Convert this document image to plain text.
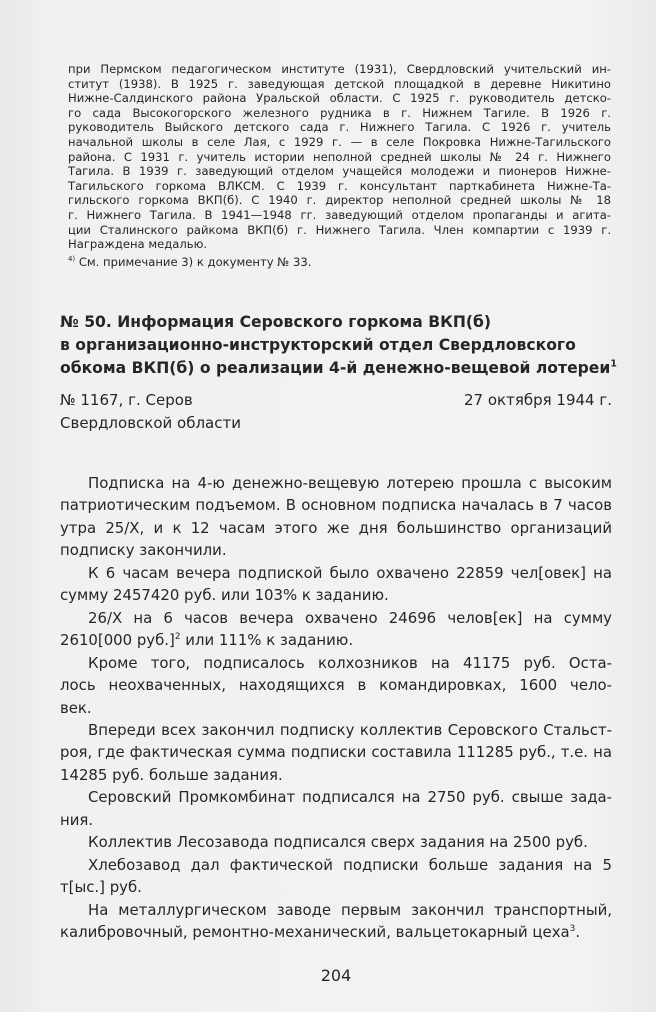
при Пермском педагогическом институте (1931), Свердловский учительский ин-
ститут (1938). В 1925 г. заведующая детской площадкой в деревне Никитино
Нижне-Салдинского района Уральской области. С 1925 г. руководитель детско-
го сада Высокогорского железного рудника в г. Нижнем Тагиле. В 1926 г.
руководитель Выйского детского сада г. Нижнего Тагила. С 1926 г. учитель
начальной школы в селе Лая, с 1929 г. — в селе Покровка Нижне-Тагильского
района. С 1931 г. учитель истории неполной средней школы № 24 г. Нижнего
Тагила. В 1939 г. заведующий отделом учащейся молодежи и пионеров Нижне-
Тагильского горкома ВЛКСМ. С 1939 г. консультант парткабинета Нижне-Та-
гильского горкома ВКП(б). С 1940 г. директор неполной средней школы № 18
г. Нижнего Тагила. В 1941—1948 гг. заведующий отделом пропаганды и агита-
ции Сталинского райкома ВКП(б) г. Нижнего Тагила. Член компартии с 1939 г.
Награждена медалью.
$^{4)}$ См. примечание 3) к документу № 33.
№ 50. Информация Серовского горкома ВКП(б)
в организационно-инструкторский отдел Свердловского
обкома ВКП(б) о реализации 4-й денежно-вещевой лотереи$^1$
№ 1167, г. Серов	27 октября 1944 г.
Свердловской области
Подписка на 4-ю денежно-вещевую лотерею прошла с высоким
патриотическим подъемом. В основном подписка началась в 7 часов
утра 25/X, и к 12 часам этого же дня большинство организаций
подписку закончили.
К 6 часам вечера подпиской было охвачено 22859 чел[овек] на
сумму 2457420 руб. или 103% к заданию.
26/X на 6 часов вечера охвачено 24696 челов[ек] на сумму
2610[000 руб.]$^2$ или 111% к заданию.
Кроме того, подписалось колхозников на 41175 руб. Оста-
лось неохваченных, находящихся в командировках, 1600 чело-
век.
Впереди всех закончил подписку коллектив Серовского Стальст-
роя, где фактическая сумма подписки составила 111285 руб., т.е. на
14285 руб. больше задания.
Серовский Промкомбинат подписался на 2750 руб. свыше зада-
ния.
Коллектив Лесозавода подписался сверх задания на 2500 руб.
Хлебозавод дал фактической подписки больше задания на 5
т[ыс.] руб.
На металлургическом заводе первым закончил транспортный,
калибровочный, ремонтно-механический, вальцетокарный цеха$^3$.
204
